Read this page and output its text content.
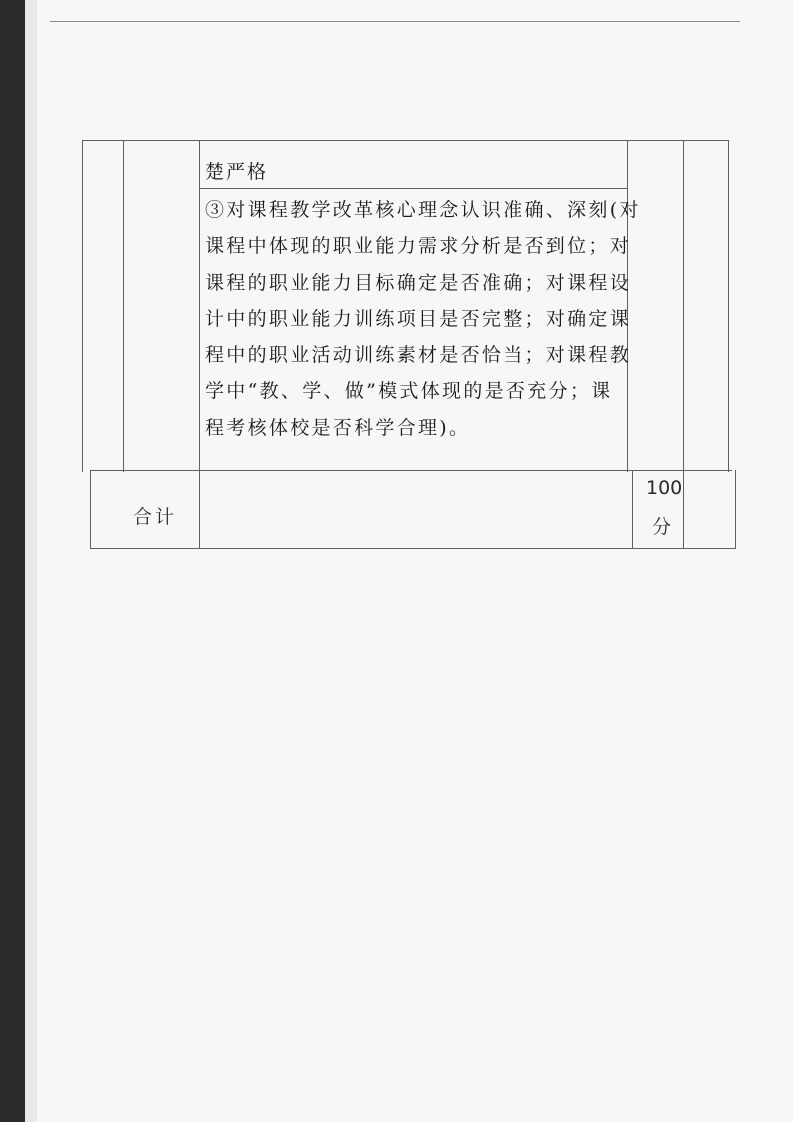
楚严格
③对课程教学改革核心理念认识准确、深刻(对
课程中体现的职业能力需求分析是否到位；对
课程的职业能力目标确定是否准确；对课程设
计中的职业能力训练项目是否完整；对确定课
程中的职业活动训练素材是否恰当；对课程教
学中“教、学、做”模式体现的是否充分；课
程考核体校是否科学合理)。
合计
100
分
